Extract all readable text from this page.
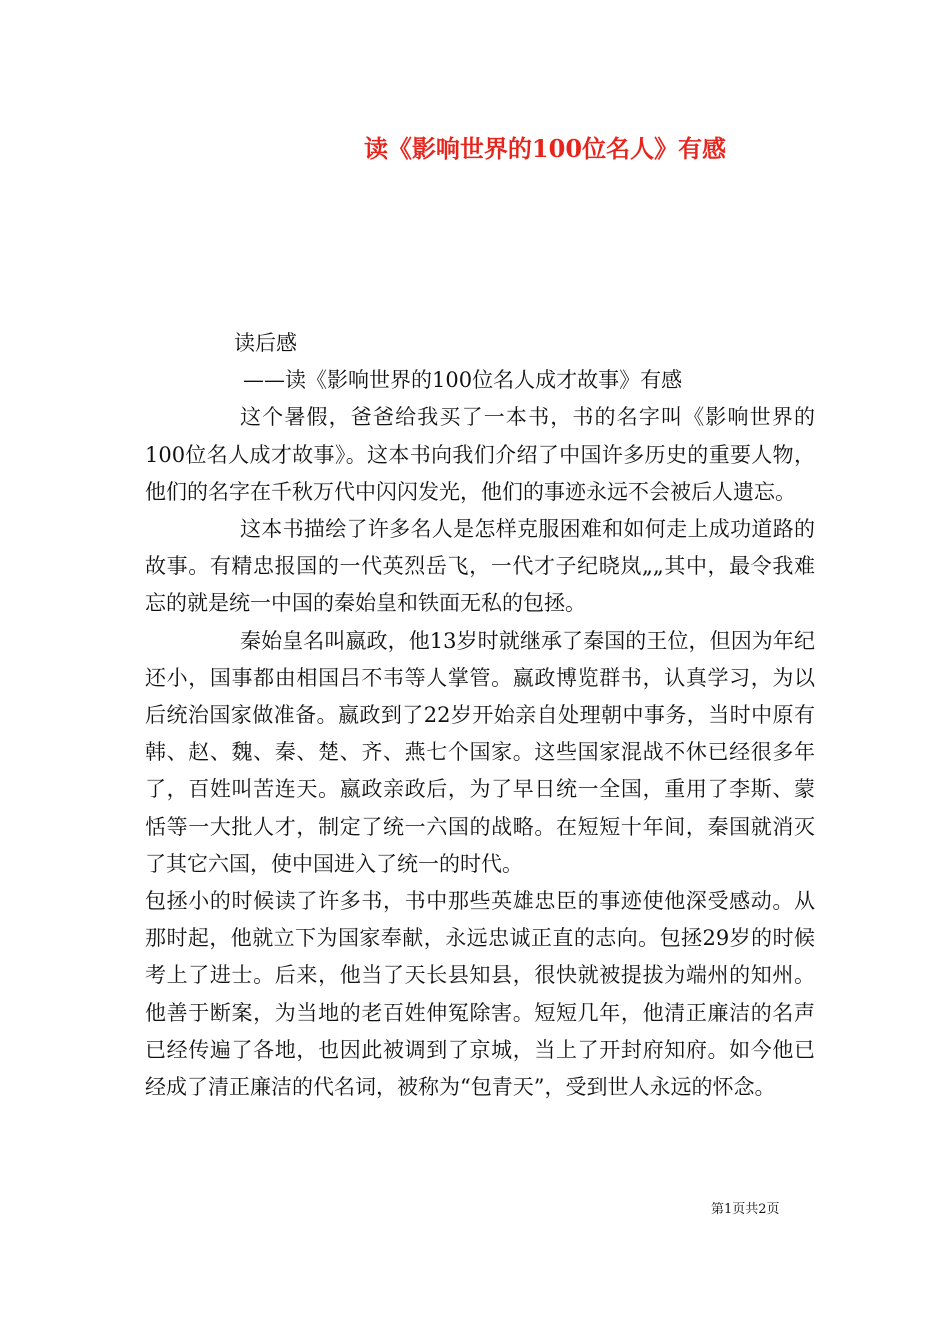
读《影响世界的100位名人》有感

读后感

——读《影响世界的100位名人成才故事》有感

这个暑假，爸爸给我买了一本书，书的名字叫《影响世界的100位名人成才故事》。这本书向我们介绍了中国许多历史的重要人物，他们的名字在千秋万代中闪闪发光，他们的事迹永远不会被后人遗忘。

这本书描绘了许多名人是怎样克服困难和如何走上成功道路的故事。有精忠报国的一代英烈岳飞，一代才子纪晓岚„„其中，最令我难忘的就是统一中国的秦始皇和铁面无私的包拯。

秦始皇名叫嬴政，他13岁时就继承了秦国的王位，但因为年纪还小，国事都由相国吕不韦等人掌管。嬴政博览群书，认真学习，为以后统治国家做准备。嬴政到了22岁开始亲自处理朝中事务，当时中原有韩、赵、魏、秦、楚、齐、燕七个国家。这些国家混战不休已经很多年了，百姓叫苦连天。嬴政亲政后，为了早日统一全国，重用了李斯、蒙恬等一大批人才，制定了统一六国的战略。在短短十年间，秦国就消灭了其它六国，使中国进入了统一的时代。

包拯小的时候读了许多书，书中那些英雄忠臣的事迹使他深受感动。从那时起，他就立下为国家奉献，永远忠诚正直的志向。包拯29岁的时候考上了进士。后来，他当了天长县知县，很快就被提拔为端州的知州。他善于断案，为当地的老百姓伸冤除害。短短几年，他清正廉洁的名声已经传遍了各地，也因此被调到了京城，当上了开封府知府。如今他已经成了清正廉洁的代名词，被称为“包青天”，受到世人永远的怀念。

第1页共2页
